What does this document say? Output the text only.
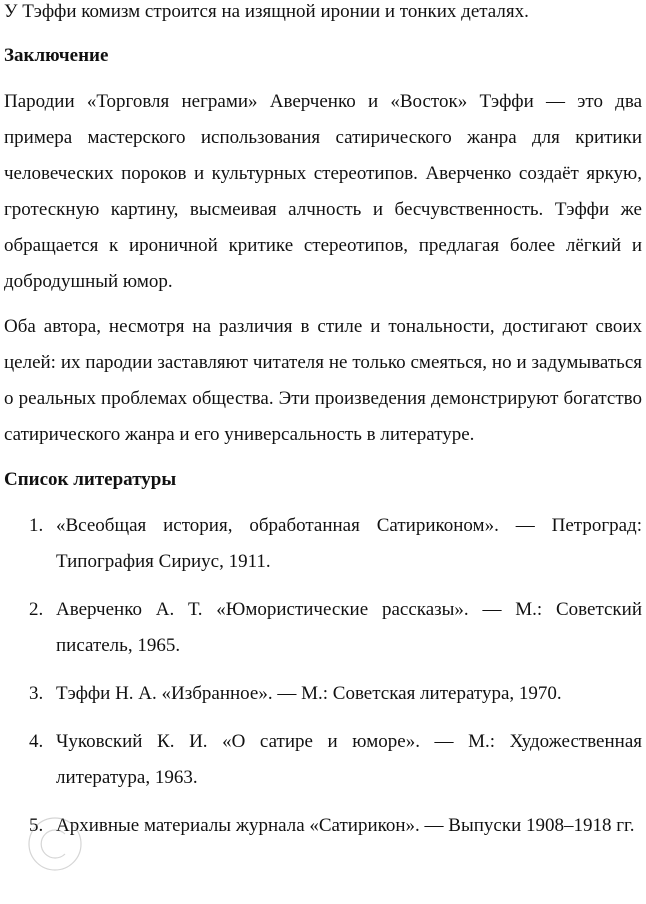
У Тэффи комизм строится на изящной иронии и тонких деталях.

Заключение

Пародии «Торговля неграми» Аверченко и «Восток» Тэффи — это два примера мастерского использования сатирического жанра для критики человеческих пороков и культурных стереотипов. Аверченко создаёт яркую, гротескную картину, высмеивая алчность и бесчувственность. Тэффи же обращается к ироничной критике стереотипов, предлагая более лёгкий и добродушный юмор.

Оба автора, несмотря на различия в стиле и тональности, достигают своих целей: их пародии заставляют читателя не только смеяться, но и задумываться о реальных проблемах общества. Эти произведения демонстрируют богатство сатирического жанра и его универсальность в литературе.

Список литературы
1. «Всеобщая история, обработанная Сатириконом». — Петроград: Типография Сириус, 1911.
2. Аверченко А. Т. «Юмористические рассказы». — М.: Советский писатель, 1965.
3. Тэффи Н. А. «Избранное». — М.: Советская литература, 1970.
4. Чуковский К. И. «О сатире и юморе». — М.: Художественная литература, 1963.
5. Архивные материалы журнала «Сатирикон». — Выпуски 1908–1918 гг.
